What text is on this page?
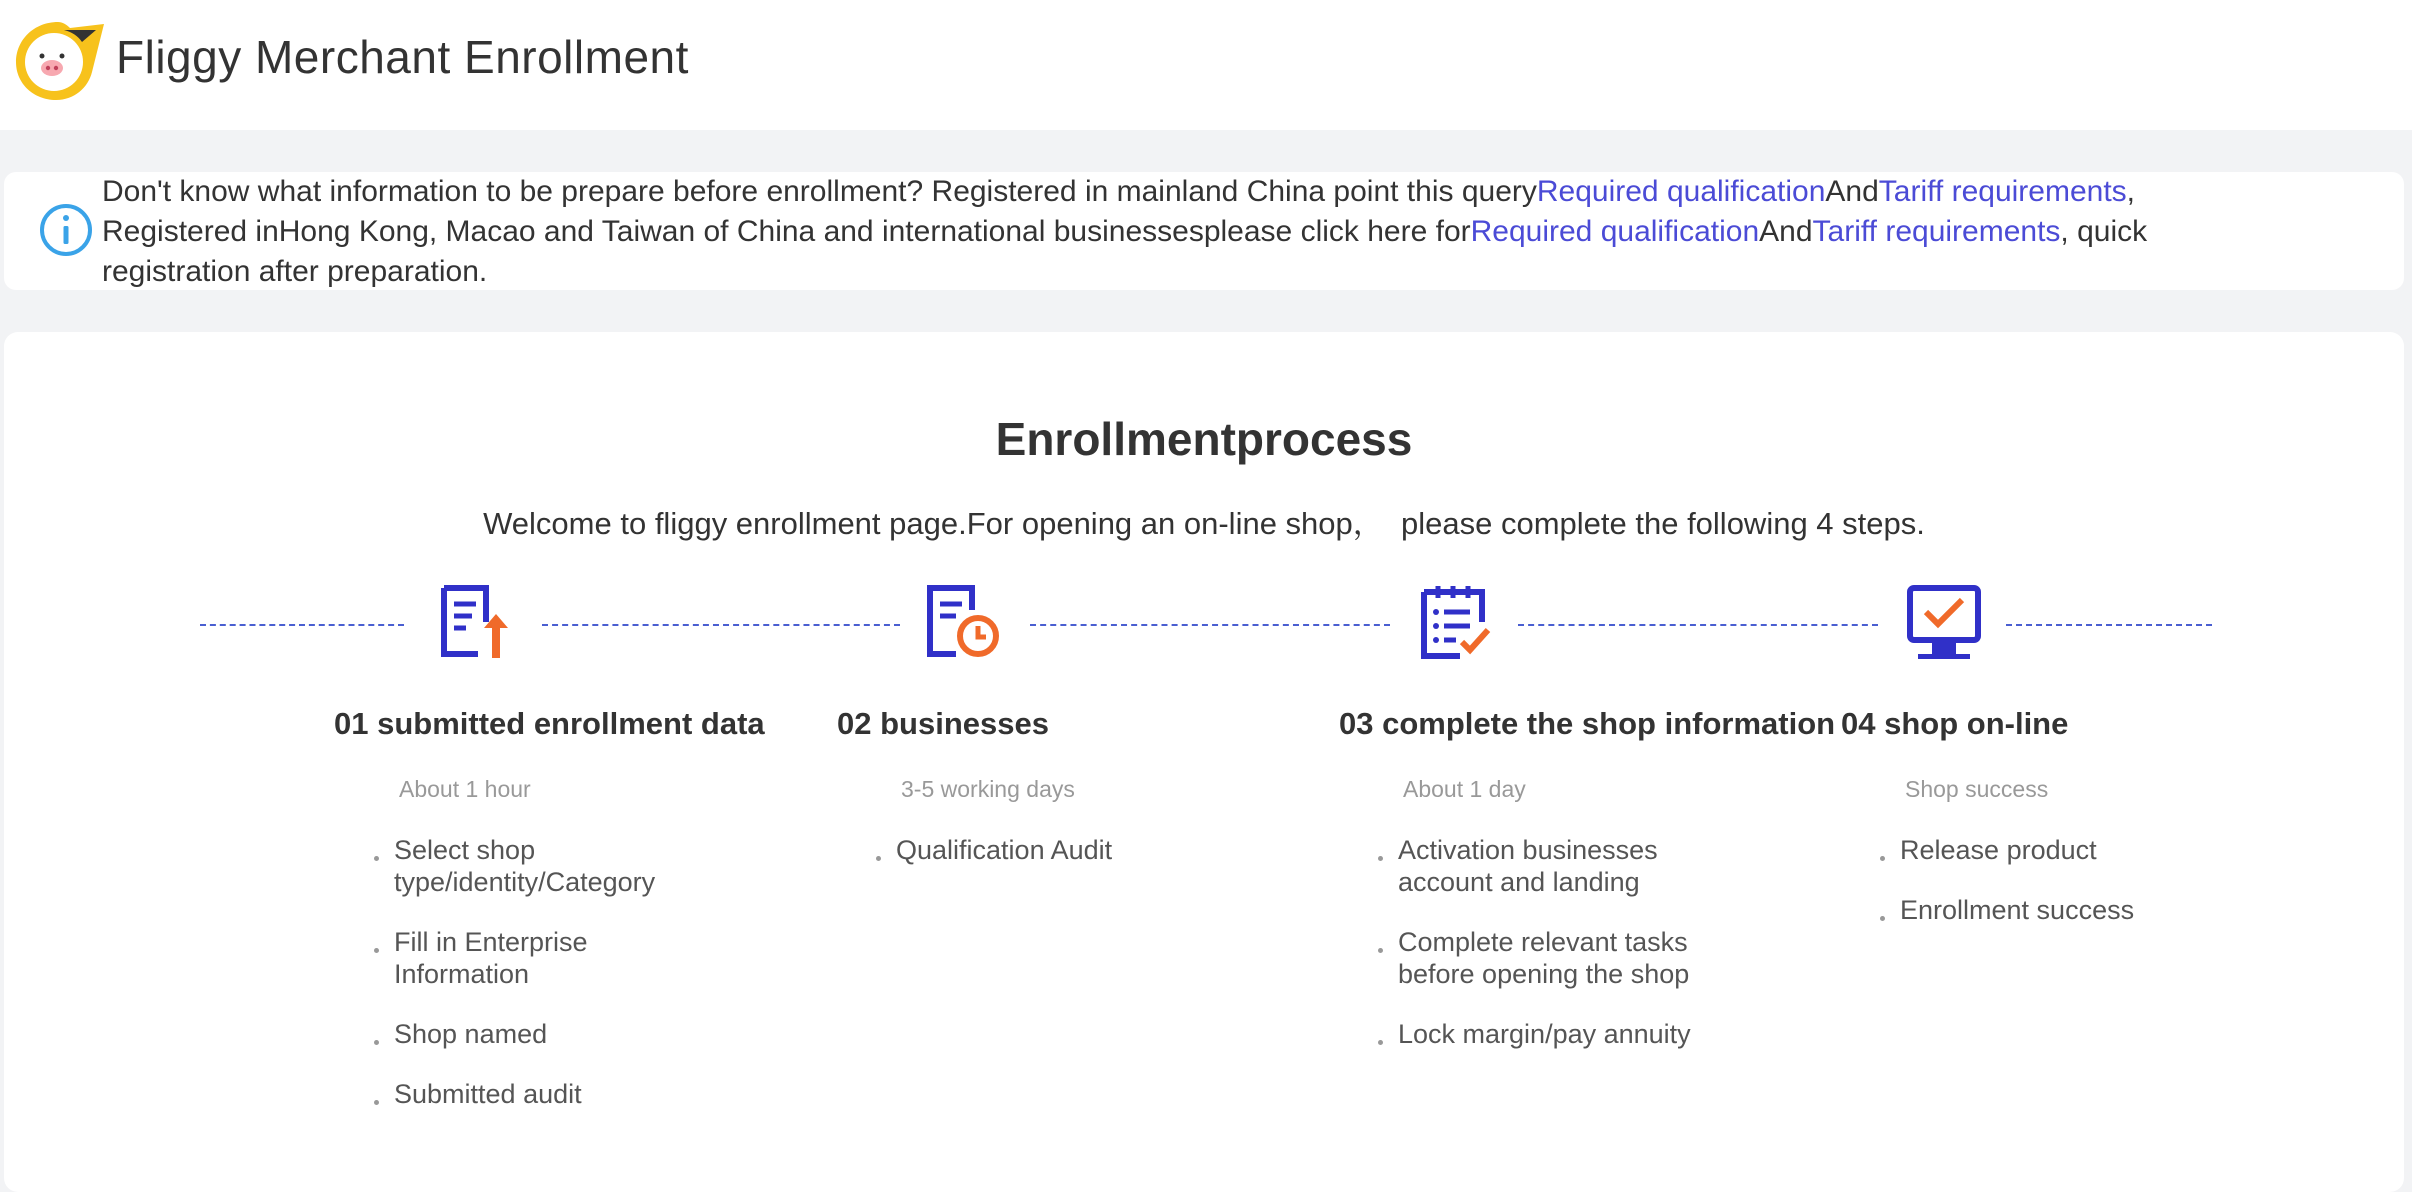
Fliggy Merchant Enrollment
Don't know what information to be prepare before enrollment? Registered in mainland China point this queryRequired qualificationAndTariff requirements,
Registered inHong Kong, Macao and Taiwan of China and international businessesplease click here forRequired qualificationAndTariff requirements, quick registration after preparation.
Enrollmentprocess
Welcome to fliggy enrollment page.For opening an on-line shop，  please complete the following 4 steps.
01 submitted enrollment data
About 1 hour
Select shop type/identity/Category
Fill in Enterprise Information
Shop named
Submitted audit
02 businesses
3-5 working days
Qualification Audit
03 complete the shop information
About 1 day
Activation businesses account and landing
Complete relevant tasks before opening the shop
Lock margin/pay annuity
04 shop on-line
Shop success
Release product
Enrollment success
